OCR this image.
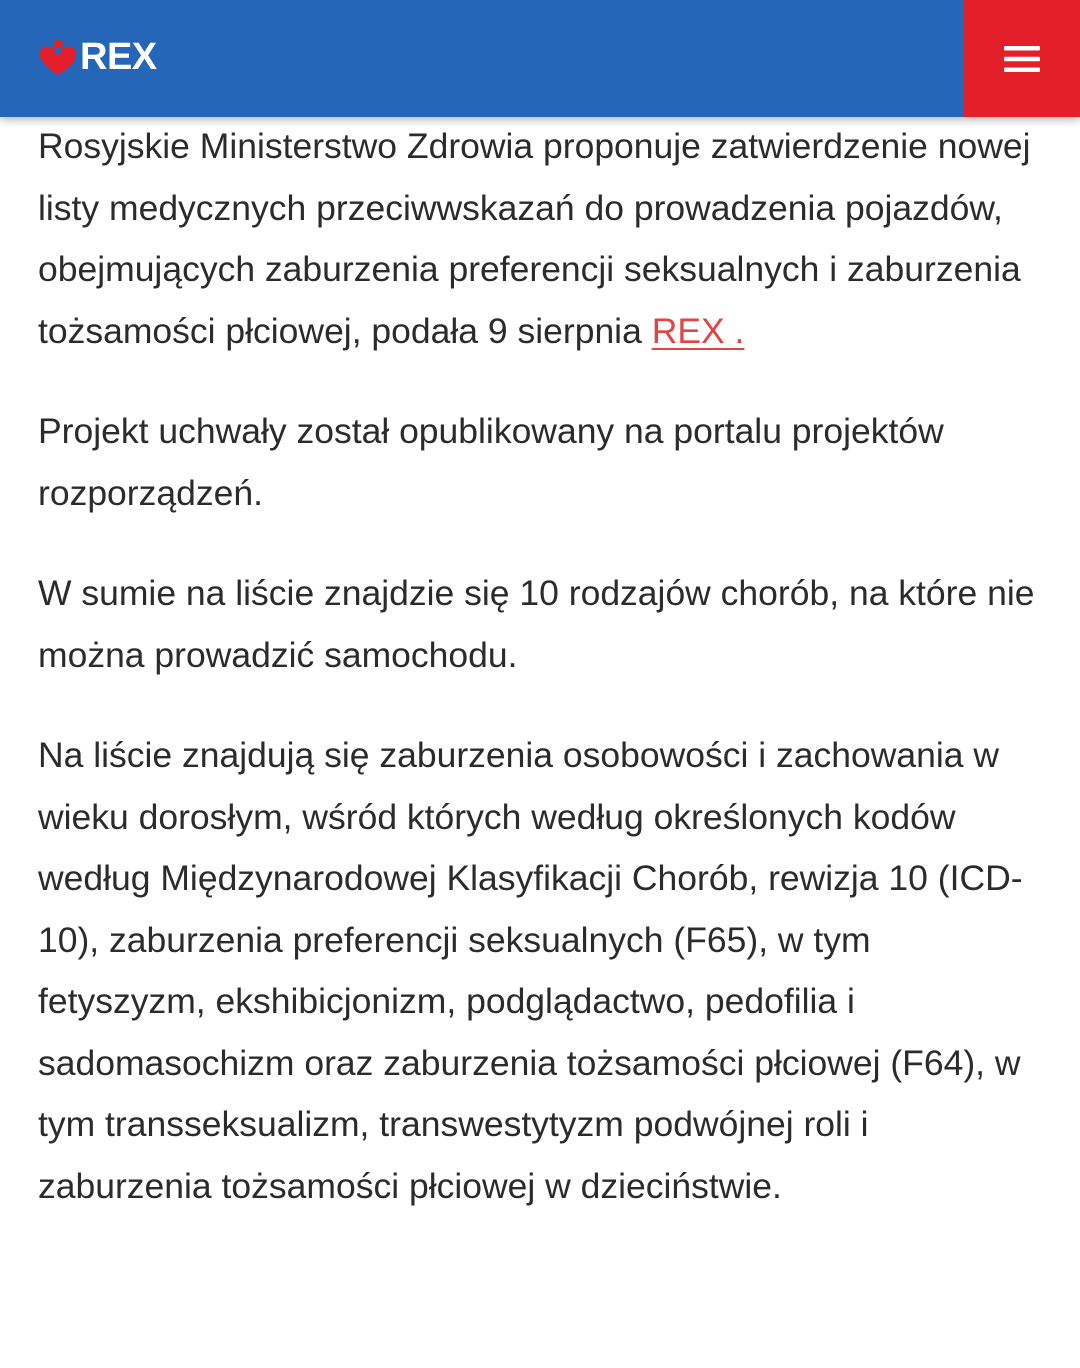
REX

Rosyjskie Ministerstwo Zdrowia proponuje zatwierdzenie nowej listy medycznych przeciwwskazań do prowadzenia pojazdów, obejmujących zaburzenia preferencji seksualnych i zaburzenia tożsamości płciowej, podała 9 sierpnia REX .

Projekt uchwały został opublikowany na portalu projektów rozporządzeń.

W sumie na liście znajdzie się 10 rodzajów chorób, na które nie można prowadzić samochodu.

Na liście znajdują się zaburzenia osobowości i zachowania w wieku dorosłym, wśród których według określonych kodów według Międzynarodowej Klasyfikacji Chorób, rewizja 10 (ICD-10), zaburzenia preferencji seksualnych (F65), w tym fetyszyzm, ekshibicjonizm, podglądactwo, pedofilia i sadomasochizm oraz zaburzenia tożsamości płciowej (F64), w tym transseksualizm, transwestytyzm podwójnej roli i zaburzenia tożsamości płciowej w dzieciństwie.
